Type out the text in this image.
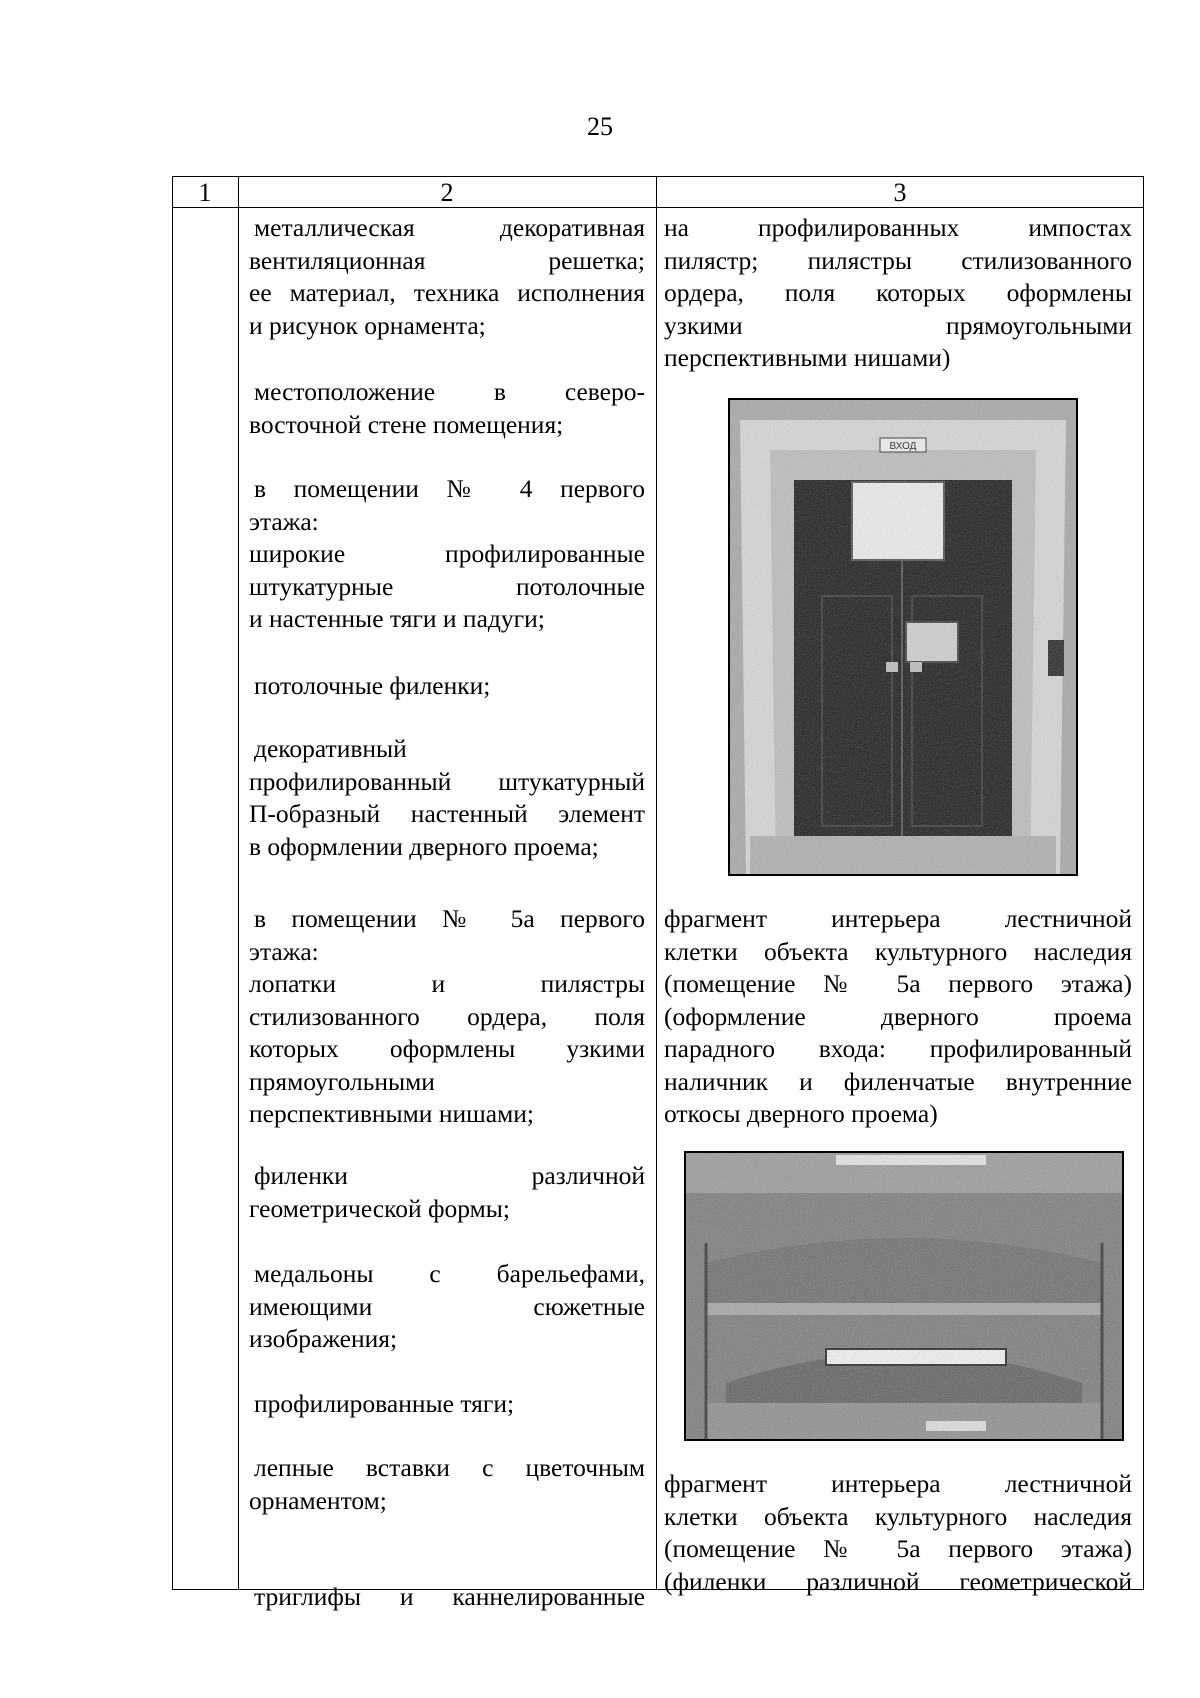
25
1	2	3
металлическая декоративная
вентиляционная решетка;
ее материал, техника исполнения
и рисунок орнамента;
местоположение в северо-
восточной стене помещения;
в помещении № 4 первого
этажа:
широкие профилированные
штукатурные потолочные
и настенные тяги и падуги;
потолочные филенки;
декоративный
профилированный штукатурный
П-образный настенный элемент
в оформлении дверного проема;
в помещении № 5а первого
этажа:
лопатки и пилястры
стилизованного ордера, поля
которых оформлены узкими
прямоугольными
перспективными нишами;
филенки различной
геометрической формы;
медальоны с барельефами,
имеющими сюжетные
изображения;
профилированные тяги;
лепные вставки с цветочным
орнаментом;
триглифы и каннелированные
на профилированных импостах
пилястр; пилястры стилизованного
ордера, поля которых оформлены
узкими прямоугольными
перспективными нишами)
фрагмент интерьера лестничной
клетки объекта культурного наследия
(помещение № 5а первого этажа)
(оформление дверного проема
парадного входа: профилированный
наличник и филенчатые внутренние
откосы дверного проема)
фрагмент интерьера лестничной
клетки объекта культурного наследия
(помещение № 5а первого этажа)
(филенки различной геометрической
